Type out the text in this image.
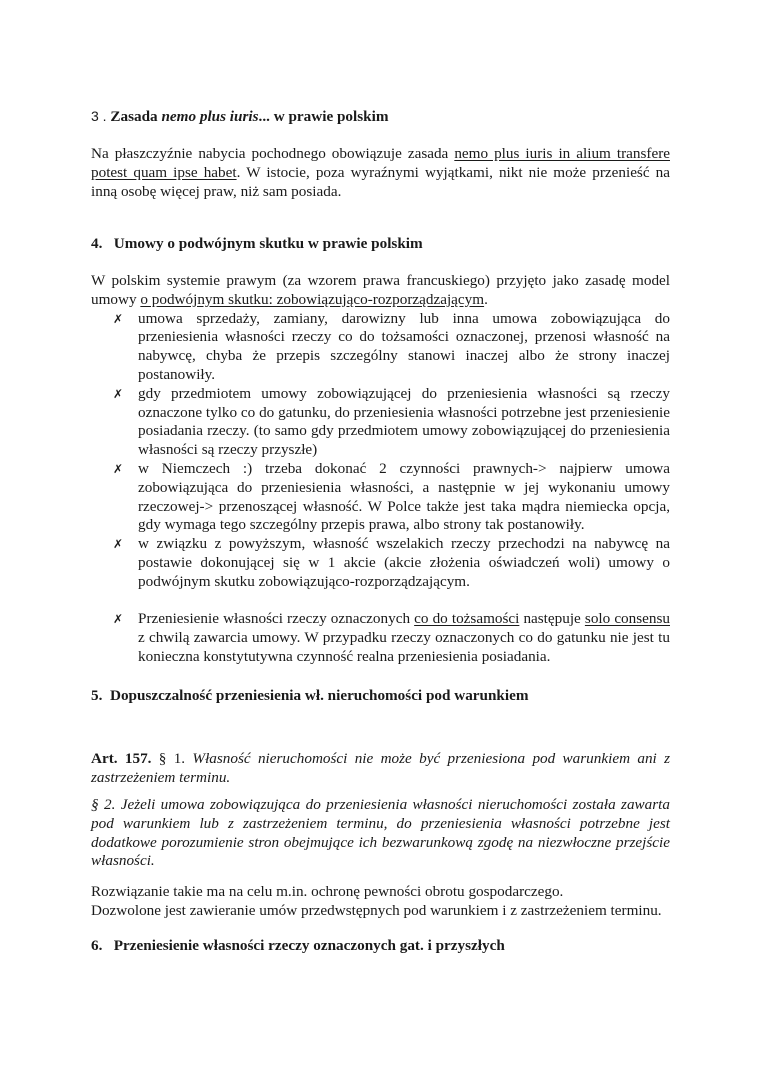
3 . Zasada nemo plus iuris... w prawie polskim

Na płaszczyźnie nabycia pochodnego obowiązuje zasada nemo plus iuris in alium transfere potest quam ipse habet. W istocie, poza wyraźnymi wyjątkami, nikt nie może przenieść na inną osobę więcej praw, niż sam posiada.

4. Umowy o podwójnym skutku w prawie polskim

W polskim systemie prawym (za wzorem prawa francuskiego) przyjęto jako zasadę model umowy o podwójnym skutku: zobowiązująco-rozporządzającym.

✗ umowa sprzedaży, zamiany, darowizny lub inna umowa zobowiązująca do przeniesienia własności rzeczy co do tożsamości oznaczonej, przenosi własność na nabywcę, chyba że przepis szczególny stanowi inaczej albo że strony inaczej postanowiły.
✗ gdy przedmiotem umowy zobowiązującej do przeniesienia własności są rzeczy oznaczone tylko co do gatunku, do przeniesienia własności potrzebne jest przeniesienie posiadania rzeczy. (to samo gdy przedmiotem umowy zobowiązującej do przeniesienia własności są rzeczy przyszłe)
✗ w Niemczech :) trzeba dokonać 2 czynności prawnych-> najpierw umowa zobowiązująca do przeniesienia własności, a następnie w jej wykonaniu umowy rzeczowej-> przenoszącej własność. W Polce także jest taka mądra niemiecka opcja, gdy wymaga tego szczególny przepis prawa, albo strony tak postanowiły.
✗ w związku z powyższym, własność wszelakich rzeczy przechodzi na nabywcę na postawie dokonującej się w 1 akcie (akcie złożenia oświadczeń woli) umowy o podwójnym skutku zobowiązująco-rozporządzającym.
✗ Przeniesienie własności rzeczy oznaczonych co do tożsamości następuje solo consensu z chwilą zawarcia umowy. W przypadku rzeczy oznaczonych co do gatunku nie jest tu konieczna konstytutywna czynność realna przeniesienia posiadania.
5. Dopuszczalność przeniesienia wł. nieruchomości pod warunkiem

Art. 157. § 1. Własność nieruchomości nie może być przeniesiona pod warunkiem ani z zastrzeżeniem terminu.

§ 2. Jeżeli umowa zobowiązująca do przeniesienia własności nieruchomości została zawarta pod warunkiem lub z zastrzeżeniem terminu, do przeniesienia własności potrzebne jest dodatkowe porozumienie stron obejmujące ich bezwarunkową zgodę na niezwłoczne przejście własności.

Rozwiązanie takie ma na celu m.in. ochronę pewności obrotu gospodarczego.

Dozwolone jest zawieranie umów przedwstępnych pod warunkiem i z zastrzeżeniem terminu.

6. Przeniesienie własności rzeczy oznaczonych gat. i przyszłych
